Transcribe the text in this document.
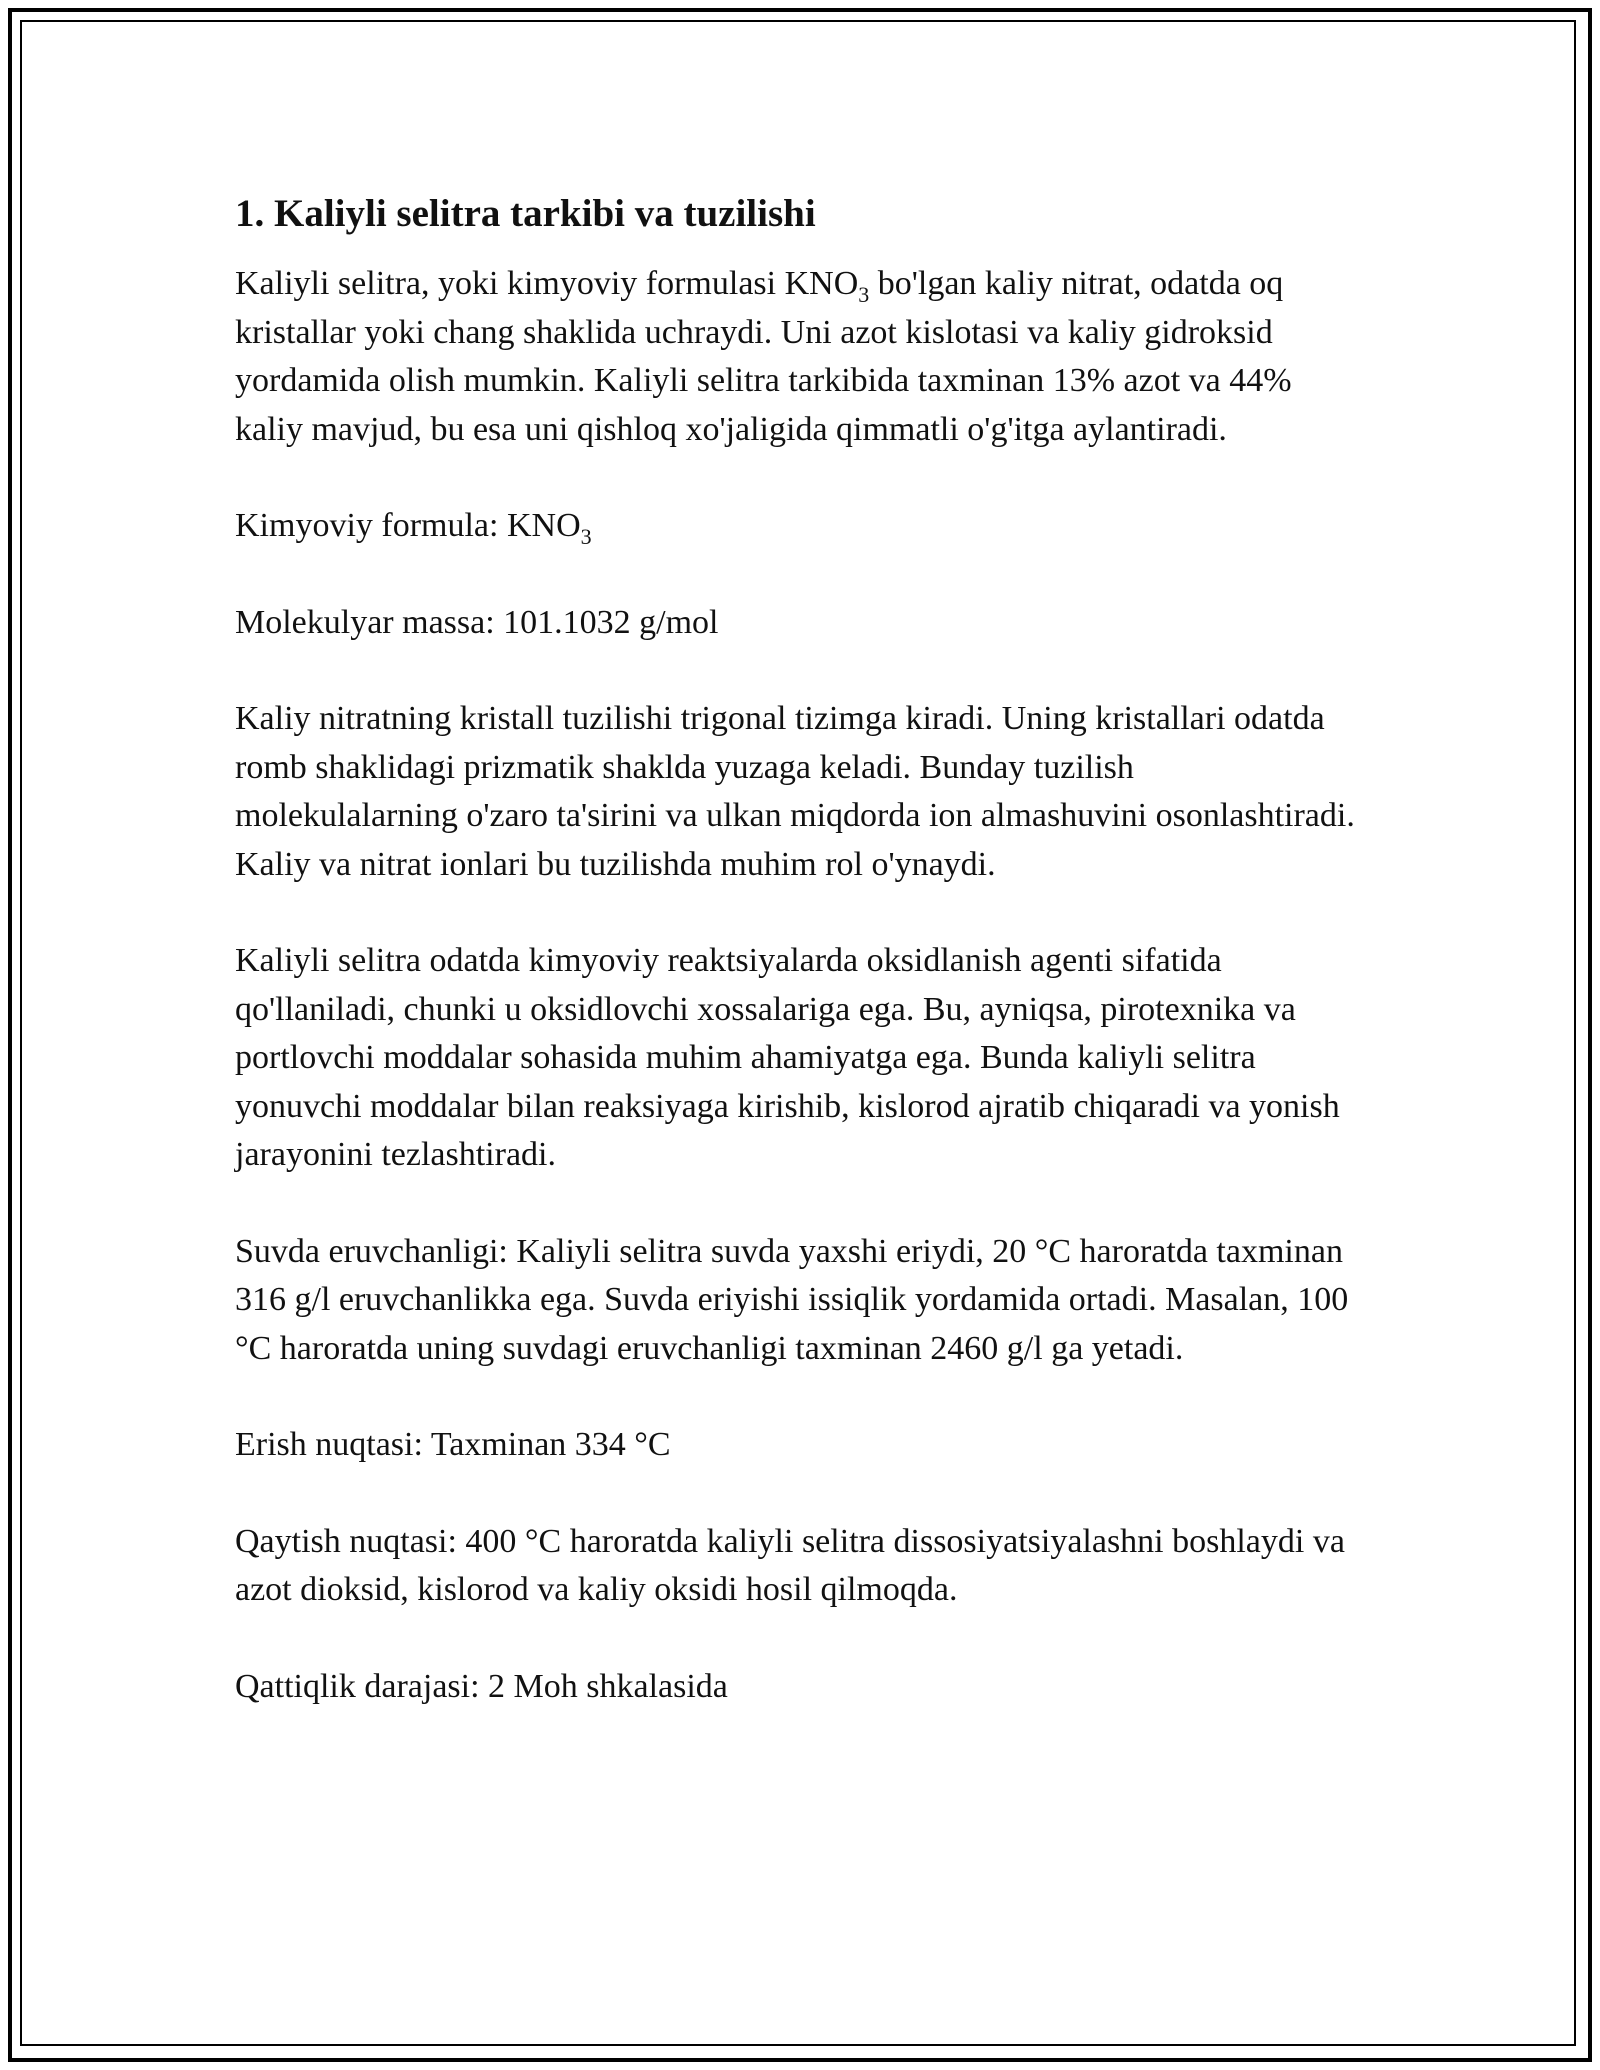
1. Kaliyli selitra tarkibi va tuzilishi

Kaliyli selitra, yoki kimyoviy formulasi $KNO_3$ bo'lgan kaliy nitrat, odatda oq kristallar yoki chang shaklida uchraydi. Uni azot kislotasi va kaliy gidroksid yordamida olish mumkin. Kaliyli selitra tarkibida taxminan 13% azot va 44% kaliy mavjud, bu esa uni qishloq xo'jaligida qimmatli o'g'itga aylantiradi.

Kimyoviy formula: $KNO_3$

Molekulyar massa: 101.1032 g/mol

Kaliy nitratning kristall tuzilishi trigonal tizimga kiradi. Uning kristallari odatda romb shaklidagi prizmatik shaklda yuzaga keladi. Bunday tuzilish molekulalarning o'zaro ta'sirini va ulkan miqdorda ion almashuvini osonlashtiradi. Kaliy va nitrat ionlari bu tuzilishda muhim rol o'ynaydi.

Kaliyli selitra odatda kimyoviy reaktsiyalarda oksidlanish agenti sifatida qo'llaniladi, chunki u oksidlovchi xossalariga ega. Bu, ayniqsa, pirotexnika va portlovchi moddalar sohasida muhim ahamiyatga ega. Bunda kaliyli selitra yonuvchi moddalar bilan reaksiyaga kirishib, kislorod ajratib chiqaradi va yonish jarayonini tezlashtiradi.

Suvda eruvchanligi: Kaliyli selitra suvda yaxshi eriydi, 20 °C haroratda taxminan 316 g/l eruvchanlikka ega. Suvda eriyishi issiqlik yordamida ortadi. Masalan, 100 °C haroratda uning suvdagi eruvchanligi taxminan 2460 g/l ga yetadi.

Erish nuqtasi: Taxminan 334 °C

Qaytish nuqtasi: 400 °C haroratda kaliyli selitra dissosiyatsiyalashni boshlaydi va azot dioksid, kislorod va kaliy oksidi hosil qilmoqda.

Qattiqlik darajasi: 2 Moh shkalasida
